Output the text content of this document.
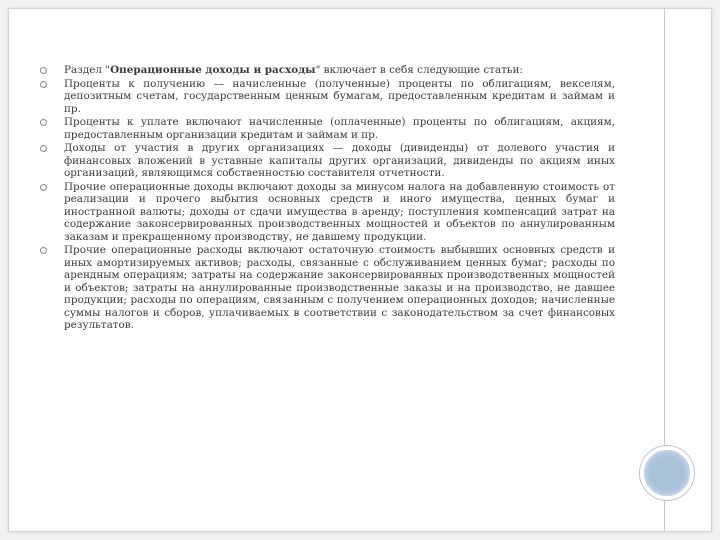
Раздел "Операционные доходы и расходы" включает в себя следующие статьи:
Проценты к получению — начисленные (полученные) проценты по облигациям, векселям, депозитным счетам, государственным ценным бумагам, предоставленным кредитам и займам и пр.
Проценты к уплате включают начисленные (оплаченные) проценты по облигациям, акциям, предоставленным организации кредитам и займам и пр.
Доходы от участия в других организациях — доходы (дивиденды) от долевого участия и финансовых вложений в уставные капиталы других организаций, дивиденды по акциям иных организаций, являющимся собственностью составителя отчетности.
Прочие операционные доходы включают доходы за минусом налога на добавленную стоимость от реализации и прочего выбытия основных средств и иного имущества, ценных бумаг и иностранной валюты; доходы от сдачи имущества в аренду; поступления компенсаций затрат на содержание законсервированных производственных мощностей и объектов по аннулированным заказам и прекращенному производству, не давшему продукции.
Прочие операционные расходы включают остаточную стоимость выбывших основных средств и иных амортизируемых активов; расходы, связанные с обслуживанием ценных бумаг; расходы по арендным операциям; затраты на содержание законсервированных производственных мощностей и объектов; затраты на аннулированные производственные заказы и на производство, не давшее продукции; расходы по операциям, связанным с получением операционных доходов; начисленные суммы налогов и сборов, уплачиваемых в соответствии с законодательством за счет финансовых результатов.
